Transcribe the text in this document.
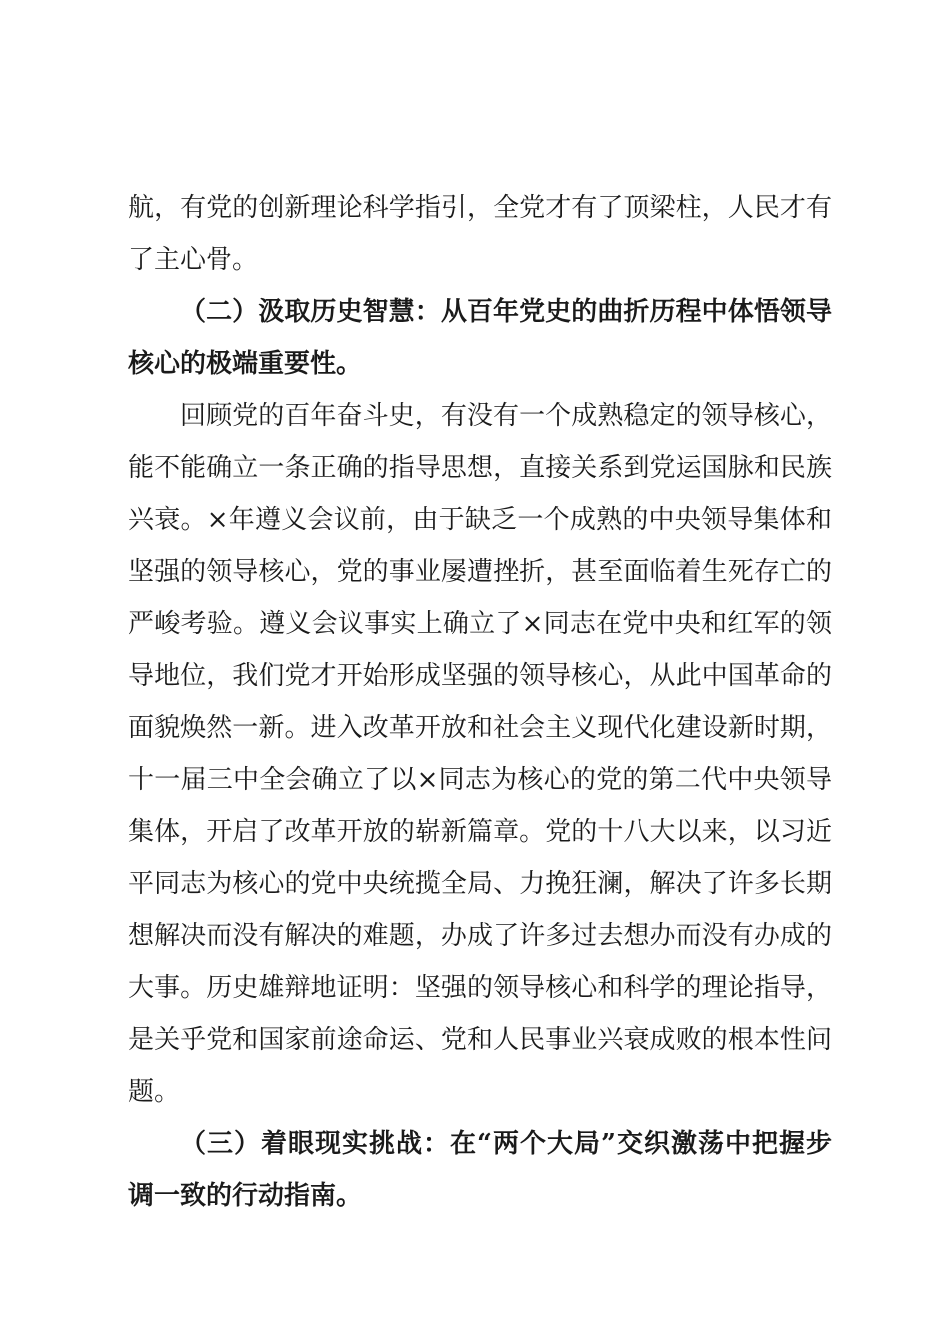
航，有党的创新理论科学指引，全党才有了顶梁柱，人民才有
了主心骨。
（二）汲取历史智慧：从百年党史的曲折历程中体悟领导
核心的极端重要性。
回顾党的百年奋斗史，有没有一个成熟稳定的领导核心，
能不能确立一条正确的指导思想，直接关系到党运国脉和民族
兴衰。×年遵义会议前，由于缺乏一个成熟的中央领导集体和
坚强的领导核心，党的事业屡遭挫折，甚至面临着生死存亡的
严峻考验。遵义会议事实上确立了×同志在党中央和红军的领
导地位，我们党才开始形成坚强的领导核心，从此中国革命的
面貌焕然一新。进入改革开放和社会主义现代化建设新时期，
十一届三中全会确立了以×同志为核心的党的第二代中央领导
集体，开启了改革开放的崭新篇章。党的十八大以来，以习近
平同志为核心的党中央统揽全局、力挽狂澜，解决了许多长期
想解决而没有解决的难题，办成了许多过去想办而没有办成的
大事。历史雄辩地证明：坚强的领导核心和科学的理论指导，
是关乎党和国家前途命运、党和人民事业兴衰成败的根本性问
题。
（三）着眼现实挑战：在“两个大局”交织激荡中把握步
调一致的行动指南。
